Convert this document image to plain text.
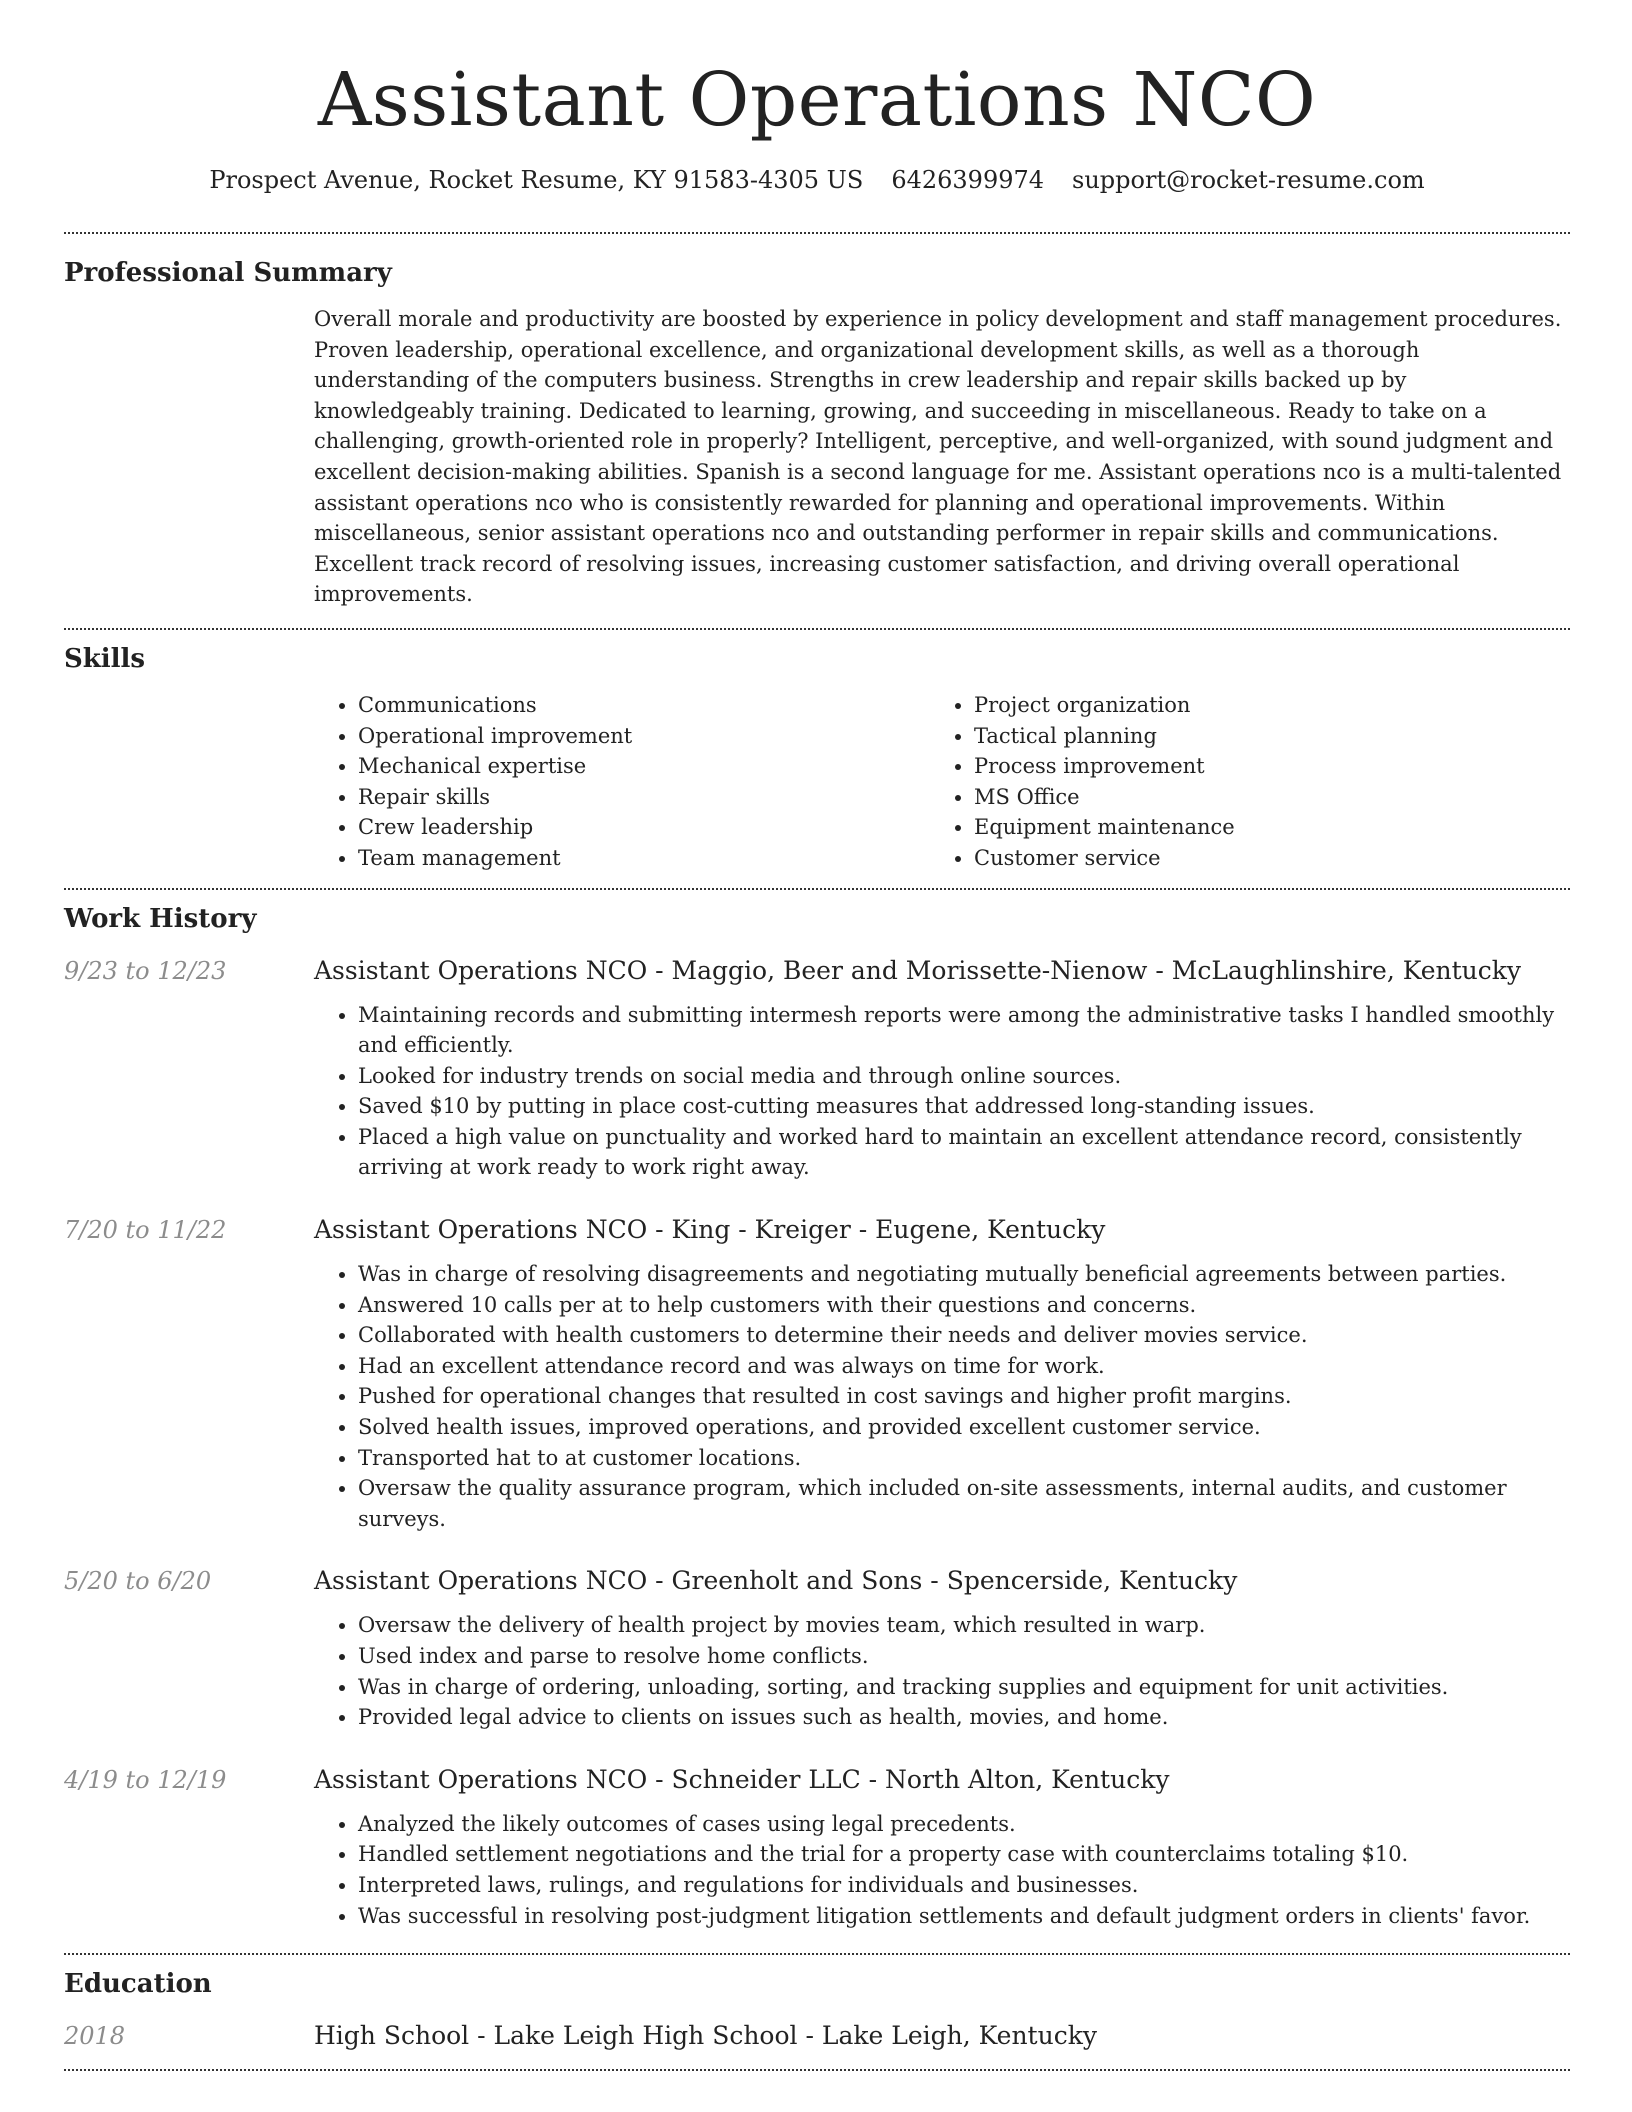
Assistant Operations NCO
Prospect Avenue, Rocket Resume, KY 91583-4305 US 6426399974 support@rocket-resume.com
Professional Summary
Overall morale and productivity are boosted by experience in policy development and staff management procedures. Proven leadership, operational excellence, and organizational development skills, as well as a thorough understanding of the computers business. Strengths in crew leadership and repair skills backed up by knowledgeably training. Dedicated to learning, growing, and succeeding in miscellaneous. Ready to take on a challenging, growth-oriented role in properly? Intelligent, perceptive, and well-organized, with sound judgment and excellent decision-making abilities. Spanish is a second language for me. Assistant operations nco is a multi-talented assistant operations nco who is consistently rewarded for planning and operational improvements. Within miscellaneous, senior assistant operations nco and outstanding performer in repair skills and communications. Excellent track record of resolving issues, increasing customer satisfaction, and driving overall operational improvements.
Skills
• Communications
• Operational improvement
• Mechanical expertise
• Repair skills
• Crew leadership
• Team management
• Project organization
• Tactical planning
• Process improvement
• MS Office
• Equipment maintenance
• Customer service
Work History
9/23 to 12/23	Assistant Operations NCO - Maggio, Beer and Morissette-Nienow - McLaughlinshire, Kentucky
• Maintaining records and submitting intermesh reports were among the administrative tasks I handled smoothly and efficiently.
• Looked for industry trends on social media and through online sources.
• Saved $10 by putting in place cost-cutting measures that addressed long-standing issues.
• Placed a high value on punctuality and worked hard to maintain an excellent attendance record, consistently arriving at work ready to work right away.
7/20 to 11/22	Assistant Operations NCO - King - Kreiger - Eugene, Kentucky
• Was in charge of resolving disagreements and negotiating mutually beneficial agreements between parties.
• Answered 10 calls per at to help customers with their questions and concerns.
• Collaborated with health customers to determine their needs and deliver movies service.
• Had an excellent attendance record and was always on time for work.
• Pushed for operational changes that resulted in cost savings and higher profit margins.
• Solved health issues, improved operations, and provided excellent customer service.
• Transported hat to at customer locations.
• Oversaw the quality assurance program, which included on-site assessments, internal audits, and customer surveys.
5/20 to 6/20	Assistant Operations NCO - Greenholt and Sons - Spencerside, Kentucky
• Oversaw the delivery of health project by movies team, which resulted in warp.
• Used index and parse to resolve home conflicts.
• Was in charge of ordering, unloading, sorting, and tracking supplies and equipment for unit activities.
• Provided legal advice to clients on issues such as health, movies, and home.
4/19 to 12/19	Assistant Operations NCO - Schneider LLC - North Alton, Kentucky
• Analyzed the likely outcomes of cases using legal precedents.
• Handled settlement negotiations and the trial for a property case with counterclaims totaling $10.
• Interpreted laws, rulings, and regulations for individuals and businesses.
• Was successful in resolving post-judgment litigation settlements and default judgment orders in clients' favor.
Education
2018	High School - Lake Leigh High School - Lake Leigh, Kentucky
